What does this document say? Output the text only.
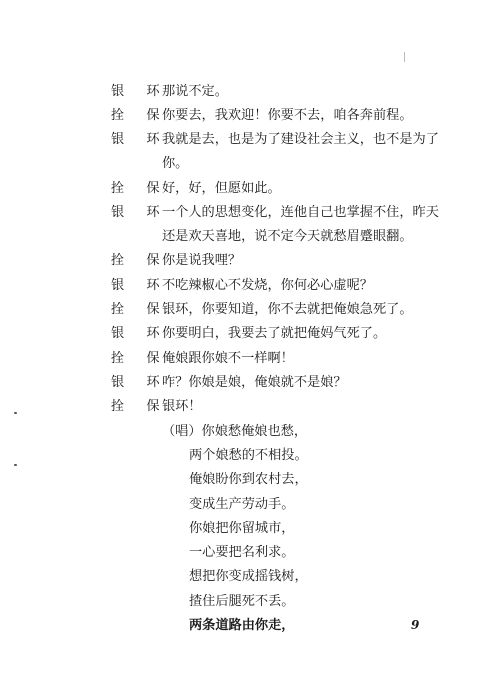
银 环
那说不定。
拴 保
你要去，我欢迎！你要不去，咱各奔前程。
银 环
我就是去，也是为了建设社会主义，也不是为了
你。
拴 保
好，好，但愿如此。
银 环
一个人的思想变化，连他自己也掌握不住，昨天
还是欢天喜地，说不定今天就愁眉蹙眼翻。
拴 保
你是说我哩？
银 环
不吃辣椒心不发烧，你何必心虚呢？
拴 保
银环，你要知道，你不去就把俺娘急死了。
银 环
你要明白，我要去了就把俺妈气死了。
拴 保
俺娘跟你娘不一样啊！
银 环
咋？你娘是娘，俺娘就不是娘？
拴 保
银环！
（唱）你娘愁俺娘也愁，
两个娘愁的不相投。
俺娘盼你到农村去，
变成生产劳动手。
你娘把你留城市，
一心要把名利求。
想把你变成摇钱树，
揸住后腿死不丢。
两条道路由你走，	9
